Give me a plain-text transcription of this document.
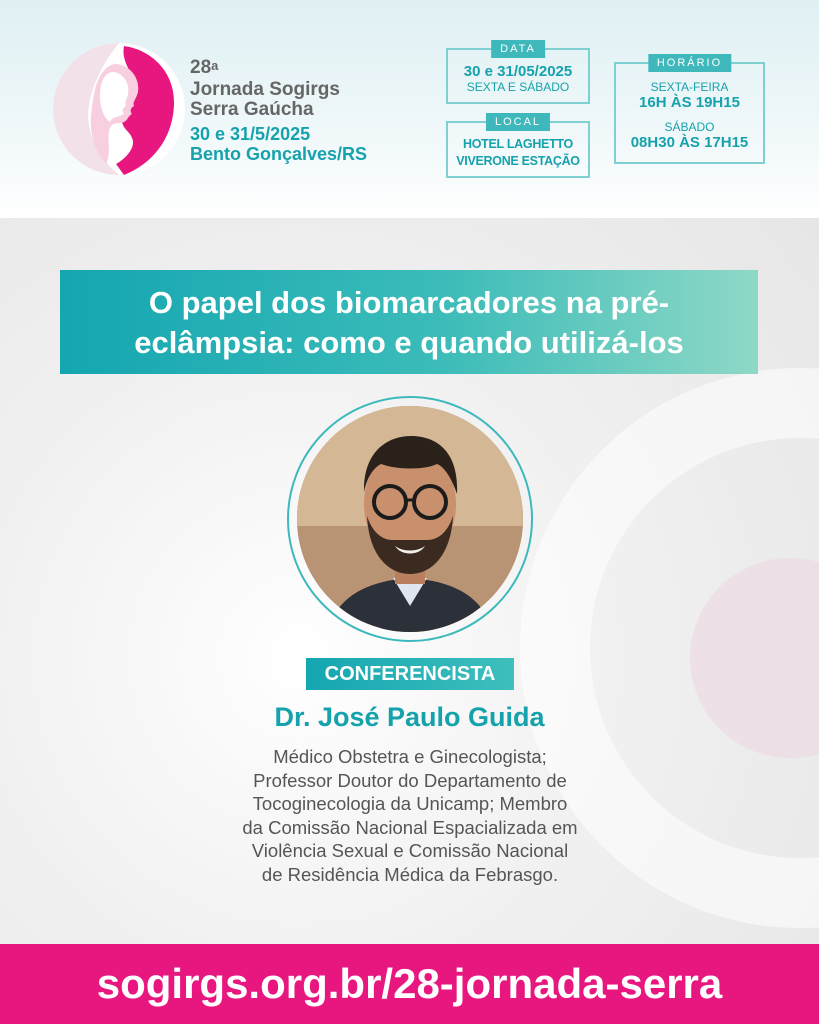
28$^a$
Jornada Sogirgs
Serra Gaúcha
30 e 31/5/2025
Bento Gonçalves/RS
DATA
30 e 31/05/2025
SEXTA E SÁBADO
LOCAL
HOTEL LAGHETTO
VIVERONE ESTAÇÃO
HORÁRIO
SEXTA-FEIRA
16H ÀS 19H15
SÁBADO
08H30 ÀS 17H15
O papel dos biomarcadores na pré-
eclâmpsia: como e quando utilizá-los
CONFERENCISTA
Dr. José Paulo Guida
Médico Obstetra e Ginecologista;
Professor Doutor do Departamento de
Tocoginecologia da Unicamp; Membro
da Comissão Nacional Espacializada em
Violência Sexual e Comissão Nacional
de Residência Médica da Febrasgo.
sogirgs.org.br/28-jornada-serra
